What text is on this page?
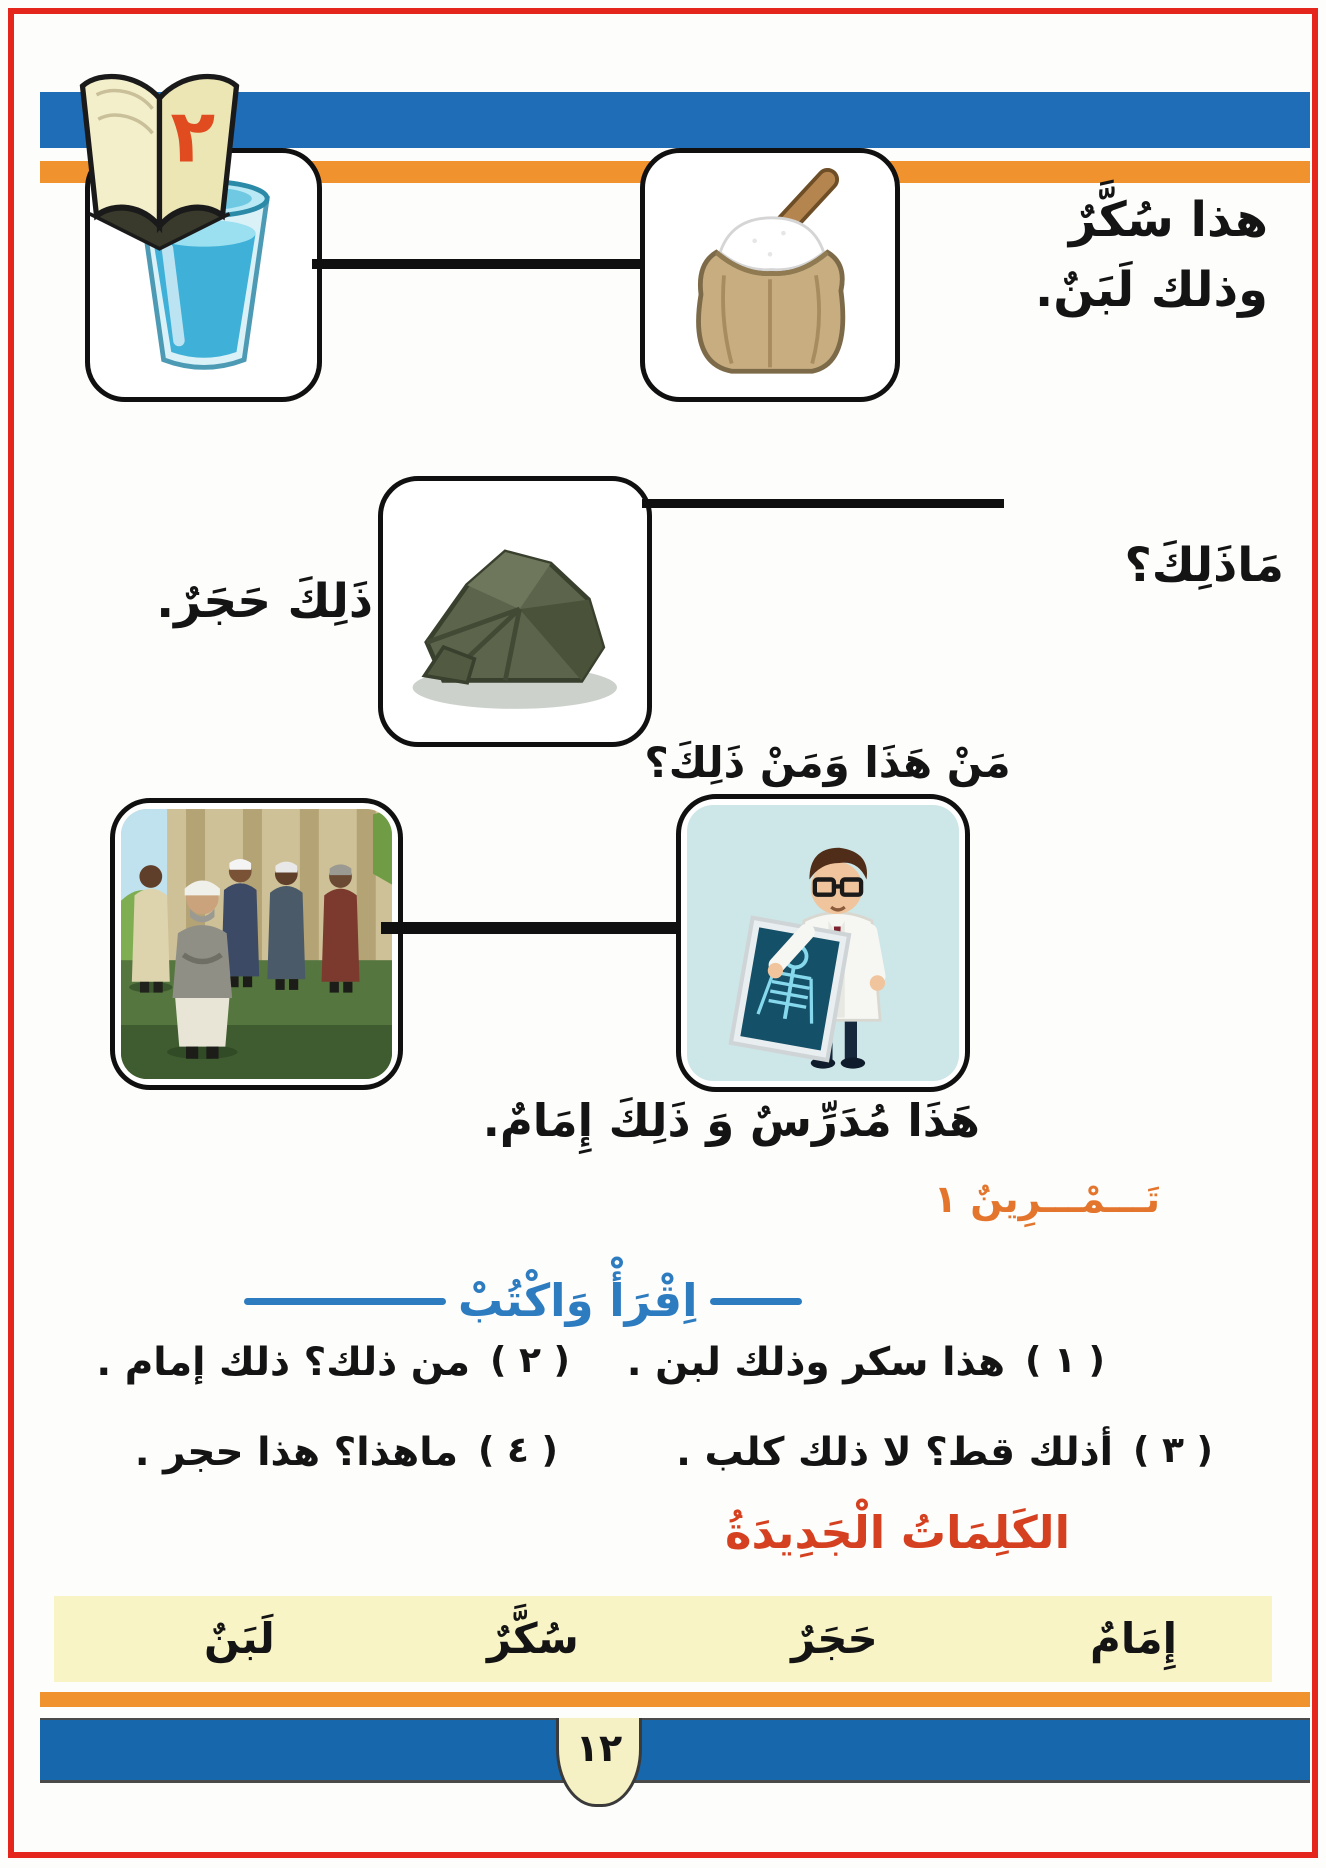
٢
هذا سُكَّرٌ
وذلك لَبَنٌ.
مَاذَلِكَ؟
ذَلِكَ حَجَرٌ.
مَنْ هَذَا وَمَنْ ذَلِكَ؟
هَذَا مُدَرِّسٌ وَ ذَلِكَ إِمَامٌ.
تَـــمْـــرِينٌ ١
اِقْرَأْ وَاكْتُبْ
( ١ )
هذا سكر وذلك لبن .
( ٢ )
من ذلك؟ ذلك إمام .
( ٣ )
أذلك قط؟ لا ذلك كلب .
( ٤ )
ماهذا؟ هذا حجر .
الكَلِمَاتُ الْجَدِيدَةُ
إِمَامٌ
حَجَرٌ
سُكَّرٌ
لَبَنٌ
١٢
